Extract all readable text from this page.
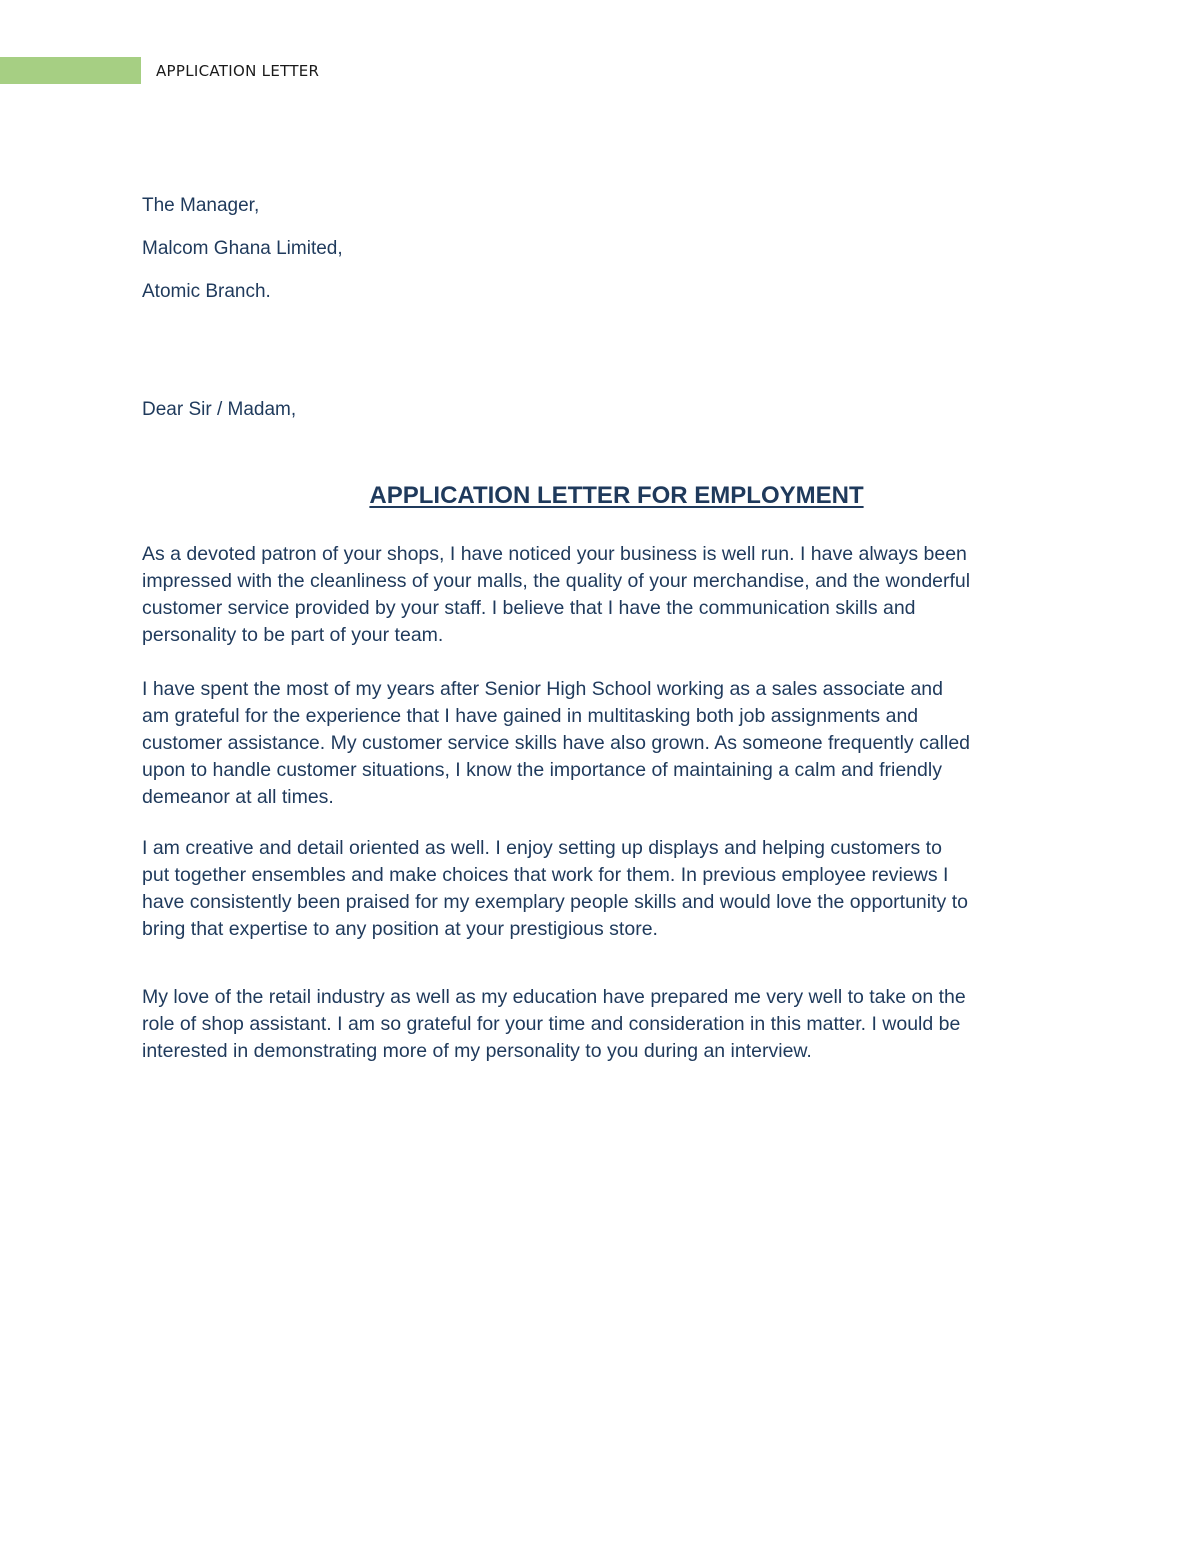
APPLICATION LETTER
The Manager,
Malcom Ghana Limited,
Atomic Branch.
Dear Sir / Madam,
APPLICATION LETTER FOR EMPLOYMENT

As a devoted patron of your shops, I have noticed your business is well run. I have always been
impressed with the cleanliness of your malls, the quality of your merchandise, and the wonderful
customer service provided by your staff. I believe that I have the communication skills and
personality to be part of your team.

I have spent the most of my years after Senior High School working as a sales associate and
am grateful for the experience that I have gained in multitasking both job assignments and
customer assistance. My customer service skills have also grown. As someone frequently called
upon to handle customer situations, I know the importance of maintaining a calm and friendly
demeanor at all times.

I am creative and detail oriented as well. I enjoy setting up displays and helping customers to
put together ensembles and make choices that work for them. In previous employee reviews I
have consistently been praised for my exemplary people skills and would love the opportunity to
bring that expertise to any position at your prestigious store.

My love of the retail industry as well as my education have prepared me very well to take on the
role of shop assistant. I am so grateful for your time and consideration in this matter. I would be
interested in demonstrating more of my personality to you during an interview.
